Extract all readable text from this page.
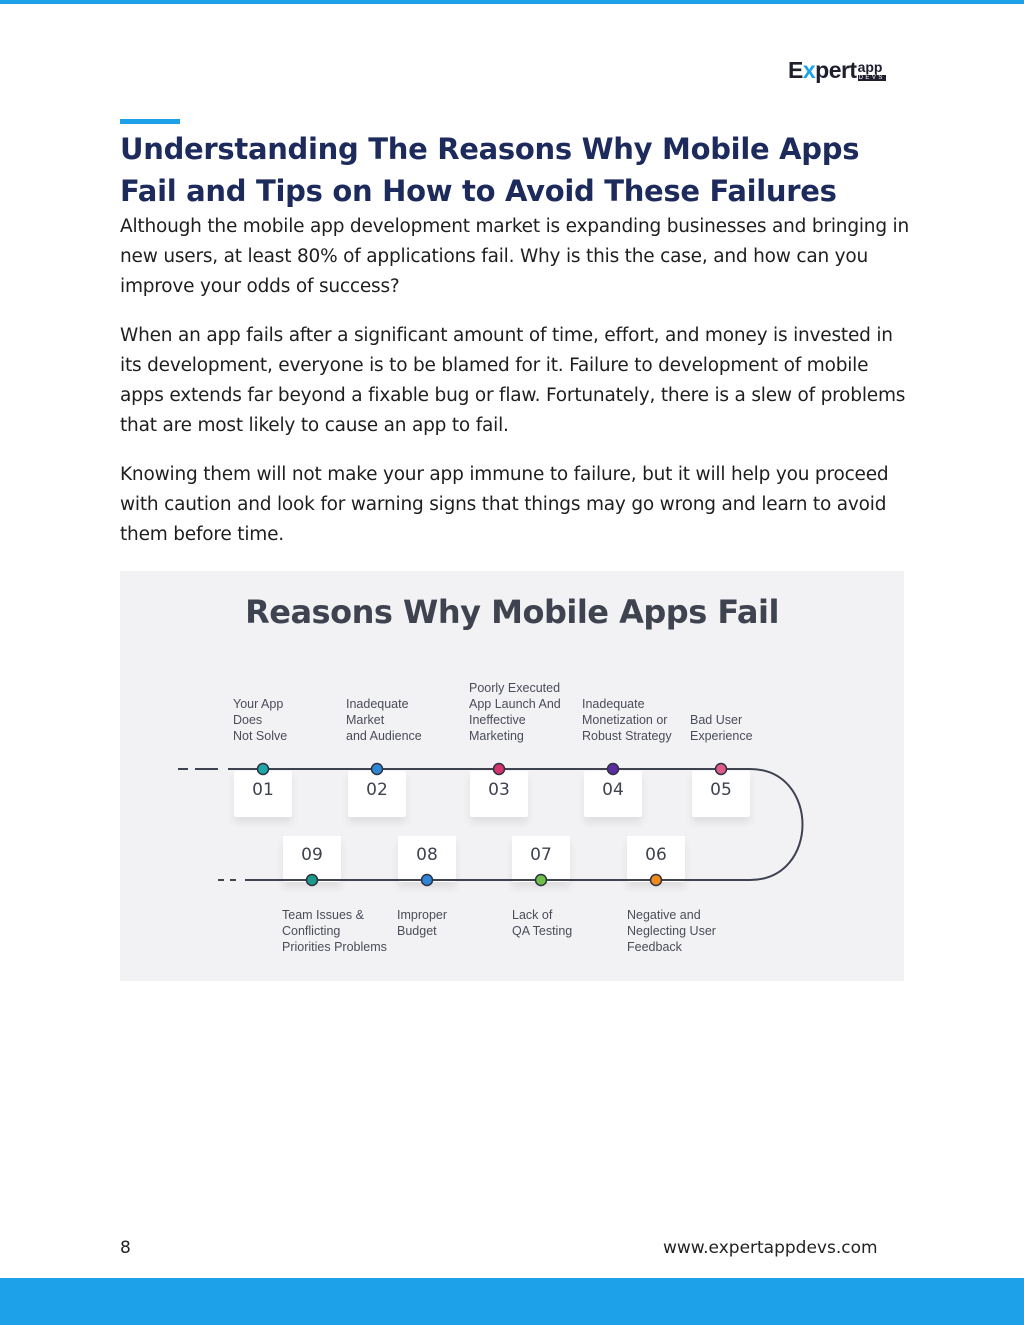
Expert app
DEVS
Understanding The Reasons Why Mobile Apps Fail and Tips on How to Avoid These Failures

Although the mobile app development market is expanding businesses and bringing in new users, at least 80% of applications fail. Why is this the case, and how can you improve your odds of success?

When an app fails after a significant amount of time, effort, and money is invested in its development, everyone is to be blamed for it. Failure to development of mobile apps extends far beyond a fixable bug or flaw. Fortunately, there is a slew of problems that are most likely to cause an app to fail.

Knowing them will not make your app immune to failure, but it will help you proceed with caution and look for warning signs that things may go wrong and learn to avoid them before time.

Reasons Why Mobile Apps Fail
01
Your App
Does
Not Solve
02
Inadequate
Market
and Audience
03
Poorly Executed
App Launch And
Ineffective
Marketing
04
Inadequate
Monetization or
Robust Strategy
05
Bad User
Experience
06
Negative and
Neglecting User
Feedback
07
Lack of
QA Testing
08
Improper
Budget
09
Team Issues &
Conflicting
Priorities Problems
8	www.expertappdevs.com
